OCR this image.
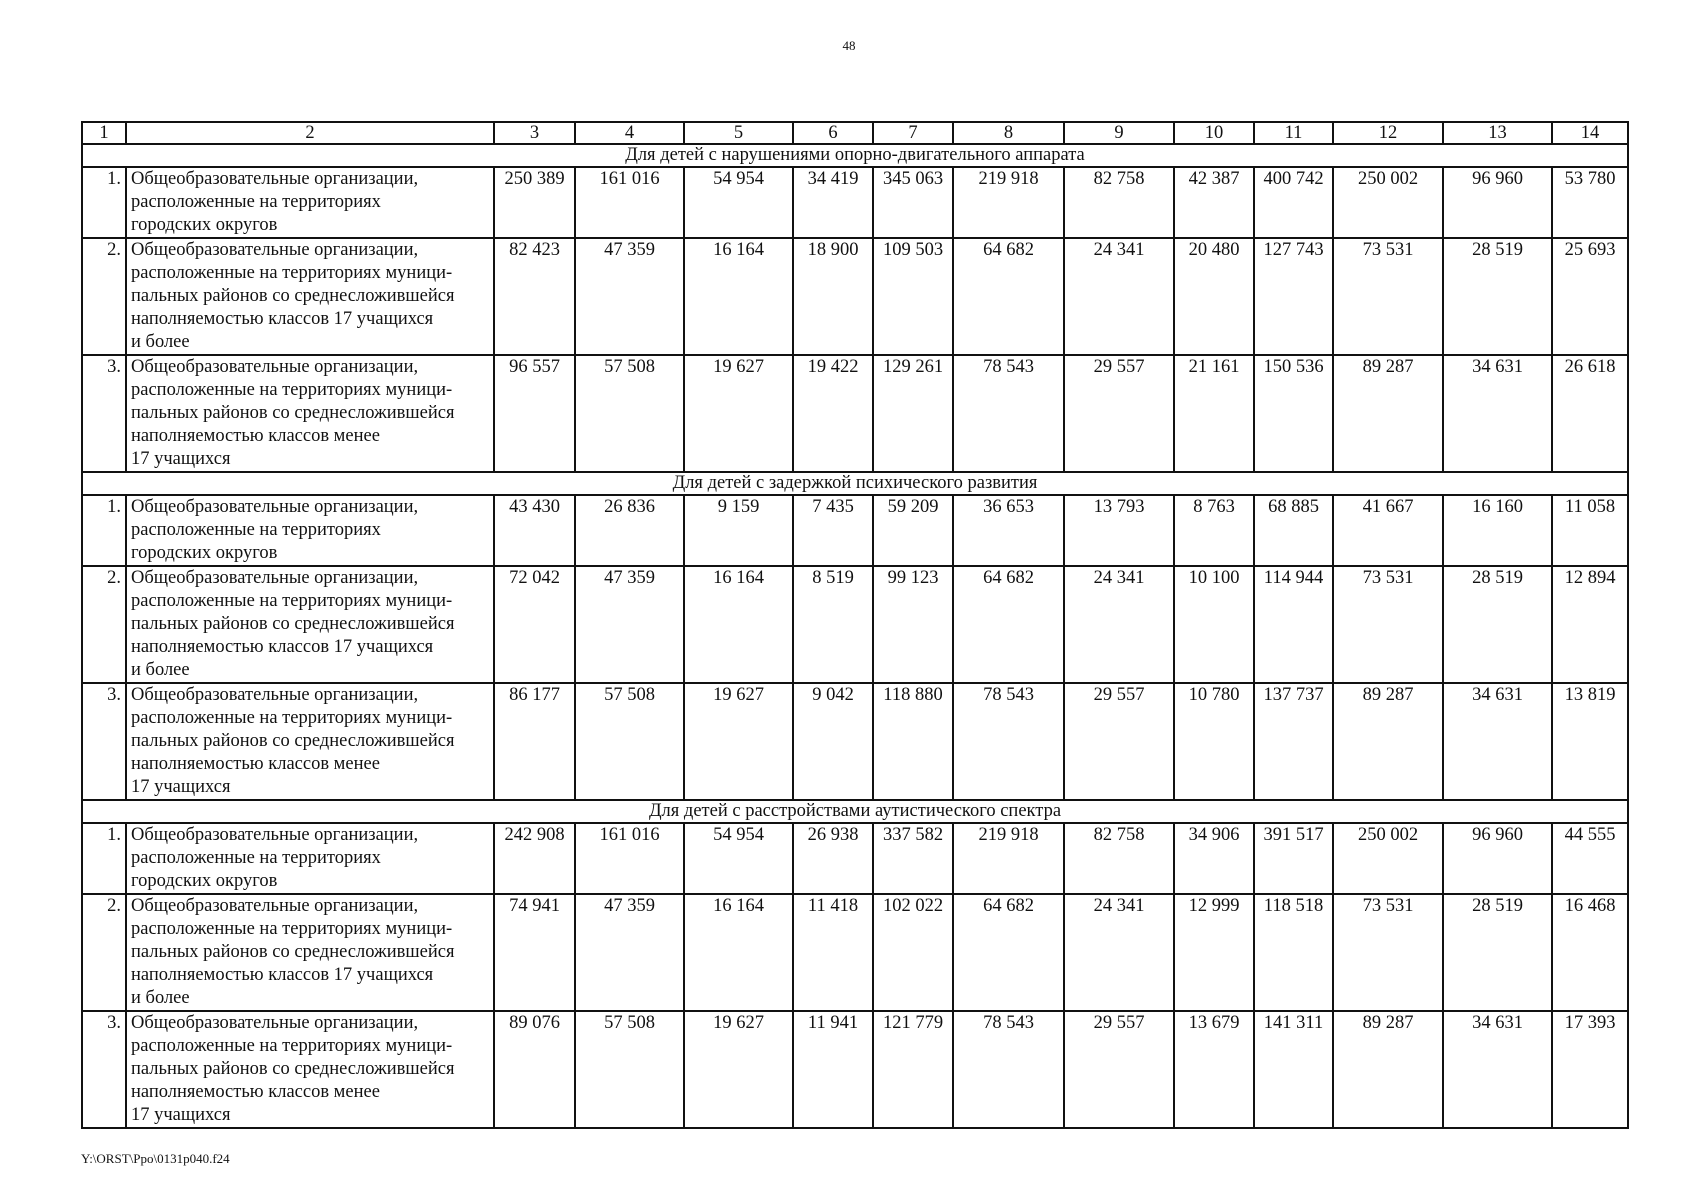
48
1	2	3	4	5	6	7	8	9	10	11	12	13	14
Для детей с нарушениями опорно-двигательного аппарата													
1.	Общеобразовательные организации,
расположенные на территориях
городских округов	250 389	161 016	54 954	34 419	345 063	219 918	82 758	42 387	400 742	250 002	96 960	53 780
2.	Общеобразовательные организации,
расположенные на территориях муници-
пальных районов со среднесложившейся
наполняемостью классов 17 учащихся
и более	82 423	47 359	16 164	18 900	109 503	64 682	24 341	20 480	127 743	73 531	28 519	25 693
3.	Общеобразовательные организации,
расположенные на территориях муници-
пальных районов со среднесложившейся
наполняемостью классов менее
17 учащихся	96 557	57 508	19 627	19 422	129 261	78 543	29 557	21 161	150 536	89 287	34 631	26 618
Для детей с задержкой психического развития													
1.	Общеобразовательные организации,
расположенные на территориях
городских округов	43 430	26 836	9 159	7 435	59 209	36 653	13 793	8 763	68 885	41 667	16 160	11 058
2.	Общеобразовательные организации,
расположенные на территориях муници-
пальных районов со среднесложившейся
наполняемостью классов 17 учащихся
и более	72 042	47 359	16 164	8 519	99 123	64 682	24 341	10 100	114 944	73 531	28 519	12 894
3.	Общеобразовательные организации,
расположенные на территориях муници-
пальных районов со среднесложившейся
наполняемостью классов менее
17 учащихся	86 177	57 508	19 627	9 042	118 880	78 543	29 557	10 780	137 737	89 287	34 631	13 819
Для детей с расстройствами аутистического спектра													
1.	Общеобразовательные организации,
расположенные на территориях
городских округов	242 908	161 016	54 954	26 938	337 582	219 918	82 758	34 906	391 517	250 002	96 960	44 555
2.	Общеобразовательные организации,
расположенные на территориях муници-
пальных районов со среднесложившейся
наполняемостью классов 17 учащихся
и более	74 941	47 359	16 164	11 418	102 022	64 682	24 341	12 999	118 518	73 531	28 519	16 468
3.	Общеобразовательные организации,
расположенные на территориях муници-
пальных районов со среднесложившейся
наполняемостью классов менее
17 учащихся	89 076	57 508	19 627	11 941	121 779	78 543	29 557	13 679	141 311	89 287	34 631	17 393
Y:\ORST\Ppo\0131p040.f24
